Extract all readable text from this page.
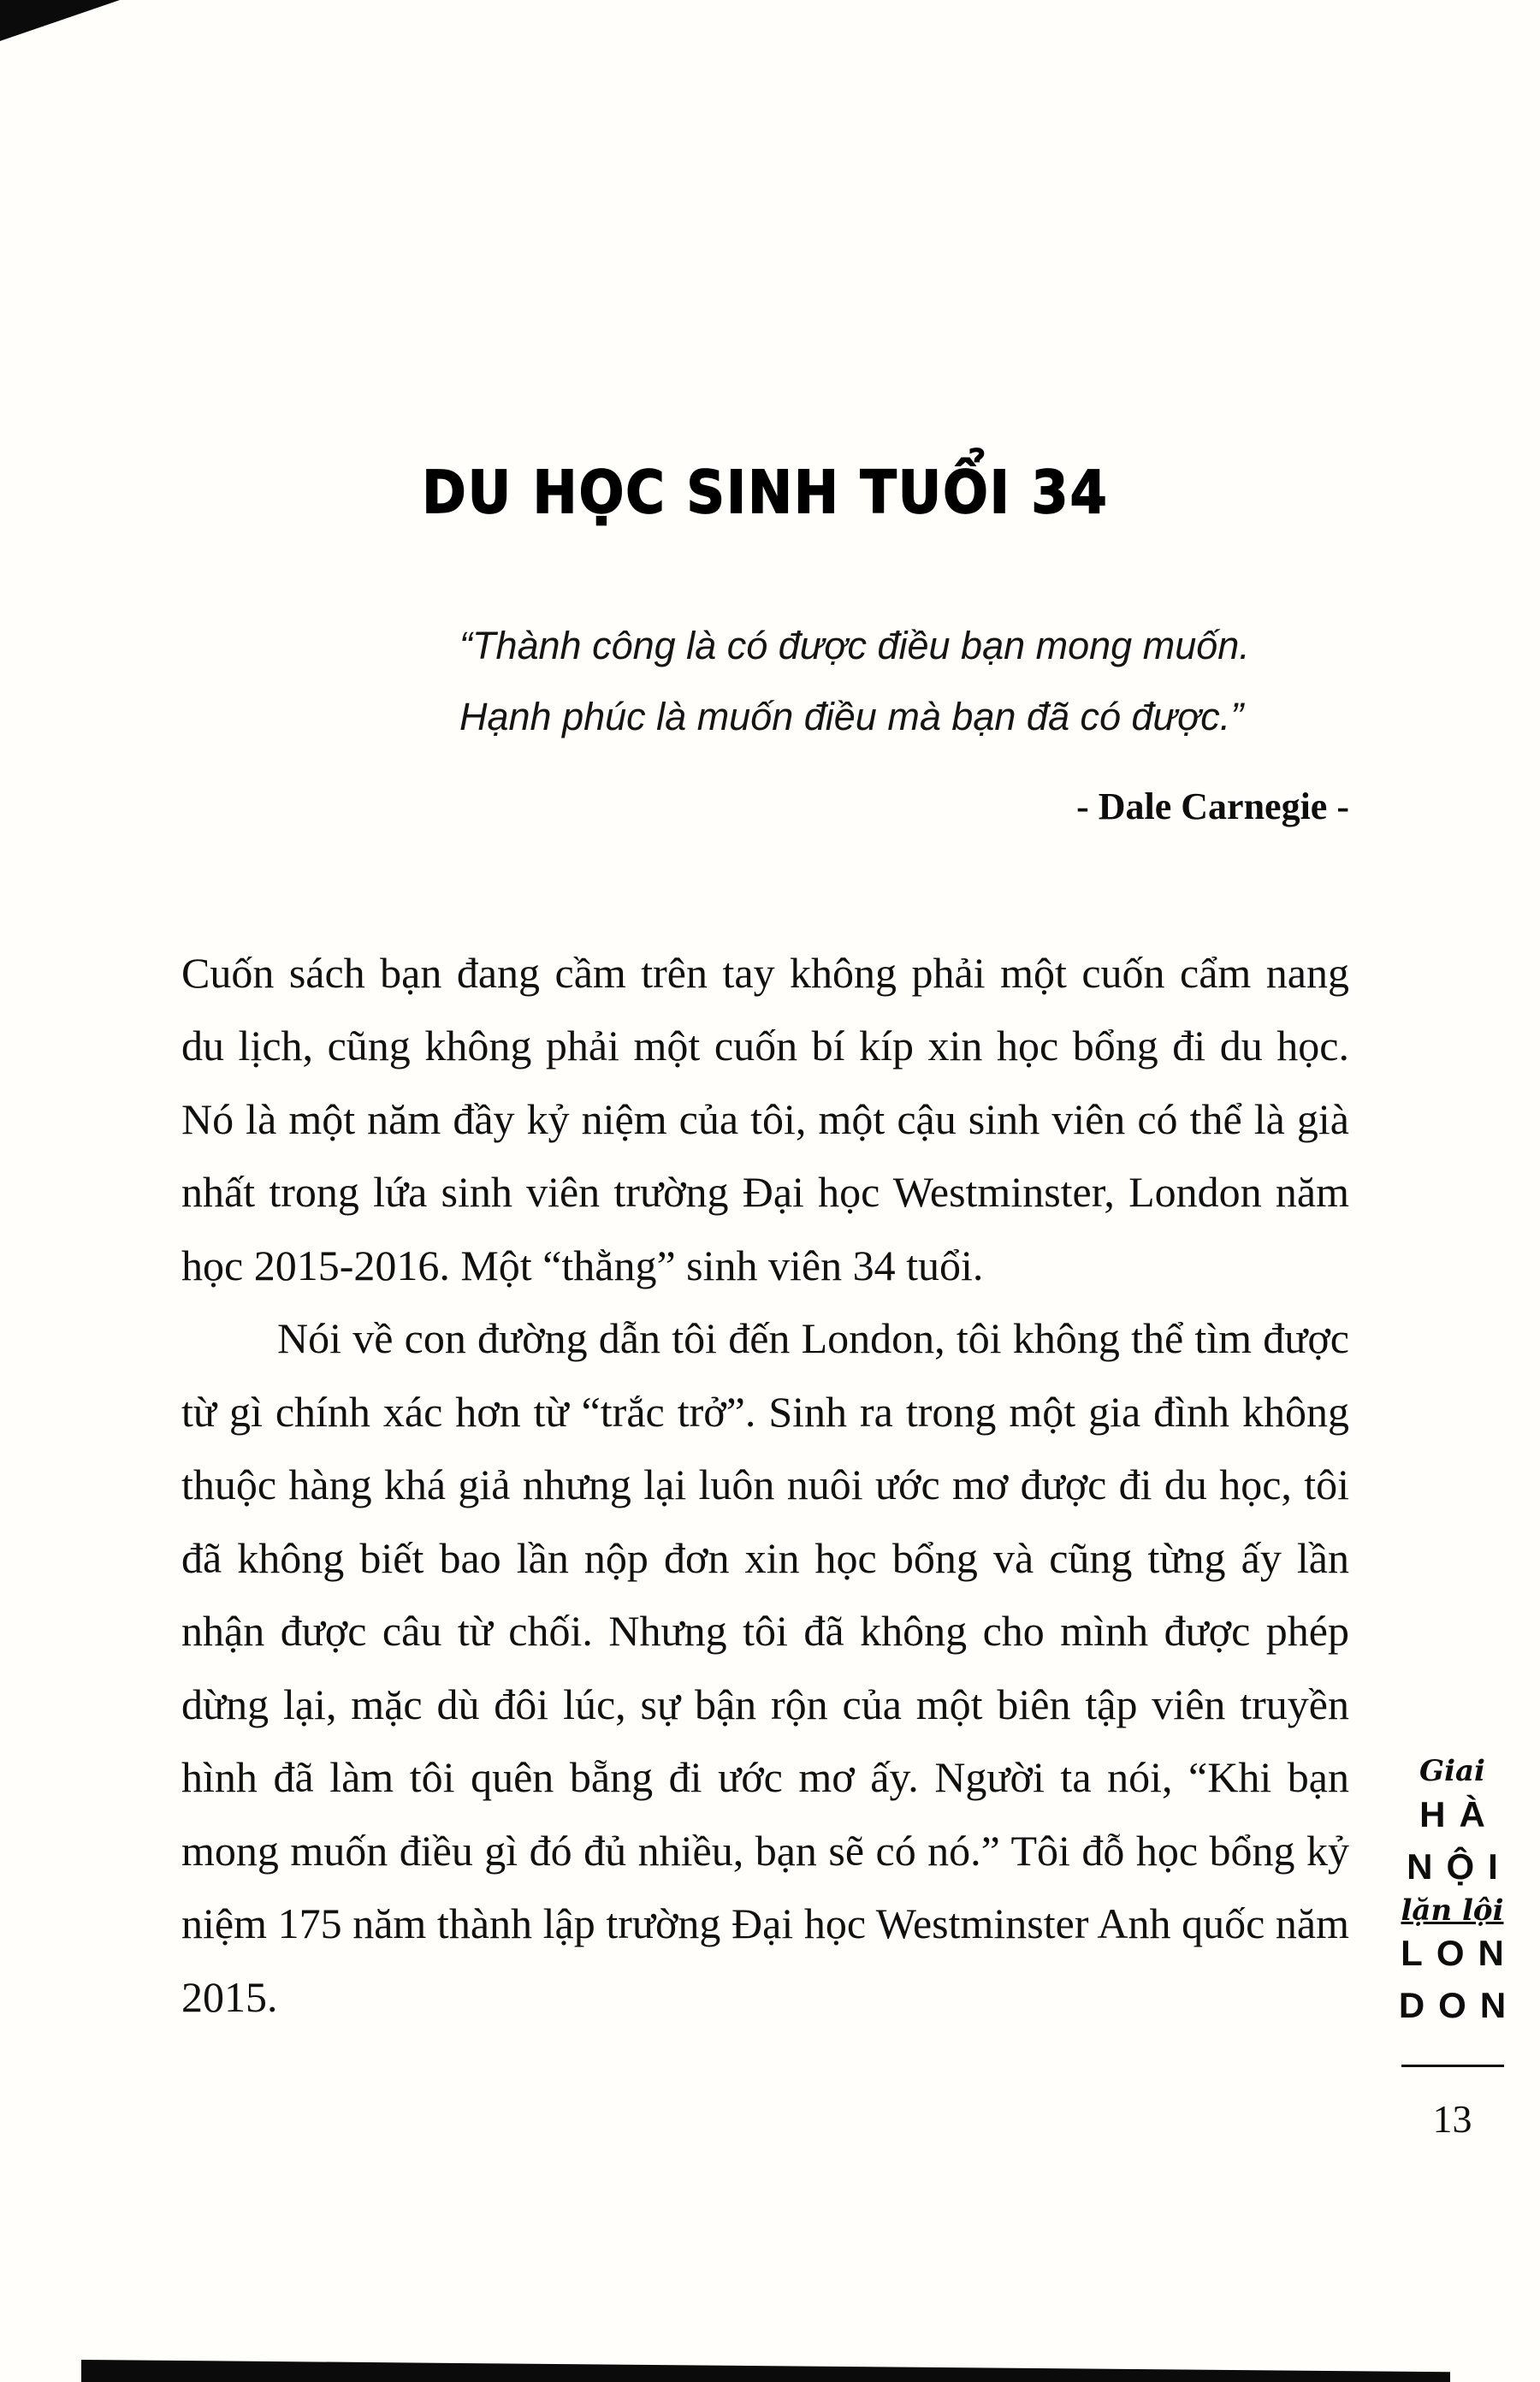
DU HỌC SINH TUỔI 34
“Thành công là có được điều bạn mong muốn.
Hạnh phúc là muốn điều mà bạn đã có được.”
- Dale Carnegie -

Cuốn sách bạn đang cầm trên tay không phải một cuốn cẩm nang du lịch, cũng không phải một cuốn bí kíp xin học bổng đi du học. Nó là một năm đầy kỷ niệm của tôi, một cậu sinh viên có thể là già nhất trong lứa sinh viên trường Đại học Westminster, London năm học 2015-2016. Một “thằng” sinh viên 34 tuổi.

Nói về con đường dẫn tôi đến London, tôi không thể tìm được từ gì chính xác hơn từ “trắc trở”. Sinh ra trong một gia đình không thuộc hàng khá giả nhưng lại luôn nuôi ước mơ được đi du học, tôi đã không biết bao lần nộp đơn xin học bổng và cũng từng ấy lần nhận được câu từ chối. Nhưng tôi đã không cho mình được phép dừng lại, mặc dù đôi lúc, sự bận rộn của một biên tập viên truyền hình đã làm tôi quên bẵng đi ước mơ ấy. Người ta nói, “Khi bạn mong muốn điều gì đó đủ nhiều, bạn sẽ có nó.” Tôi đỗ học bổng kỷ niệm 175 năm thành lập trường Đại học Westminster Anh quốc năm 2015.

Giai
HÀ
NỘI
lặn lội
LON
DON
13
